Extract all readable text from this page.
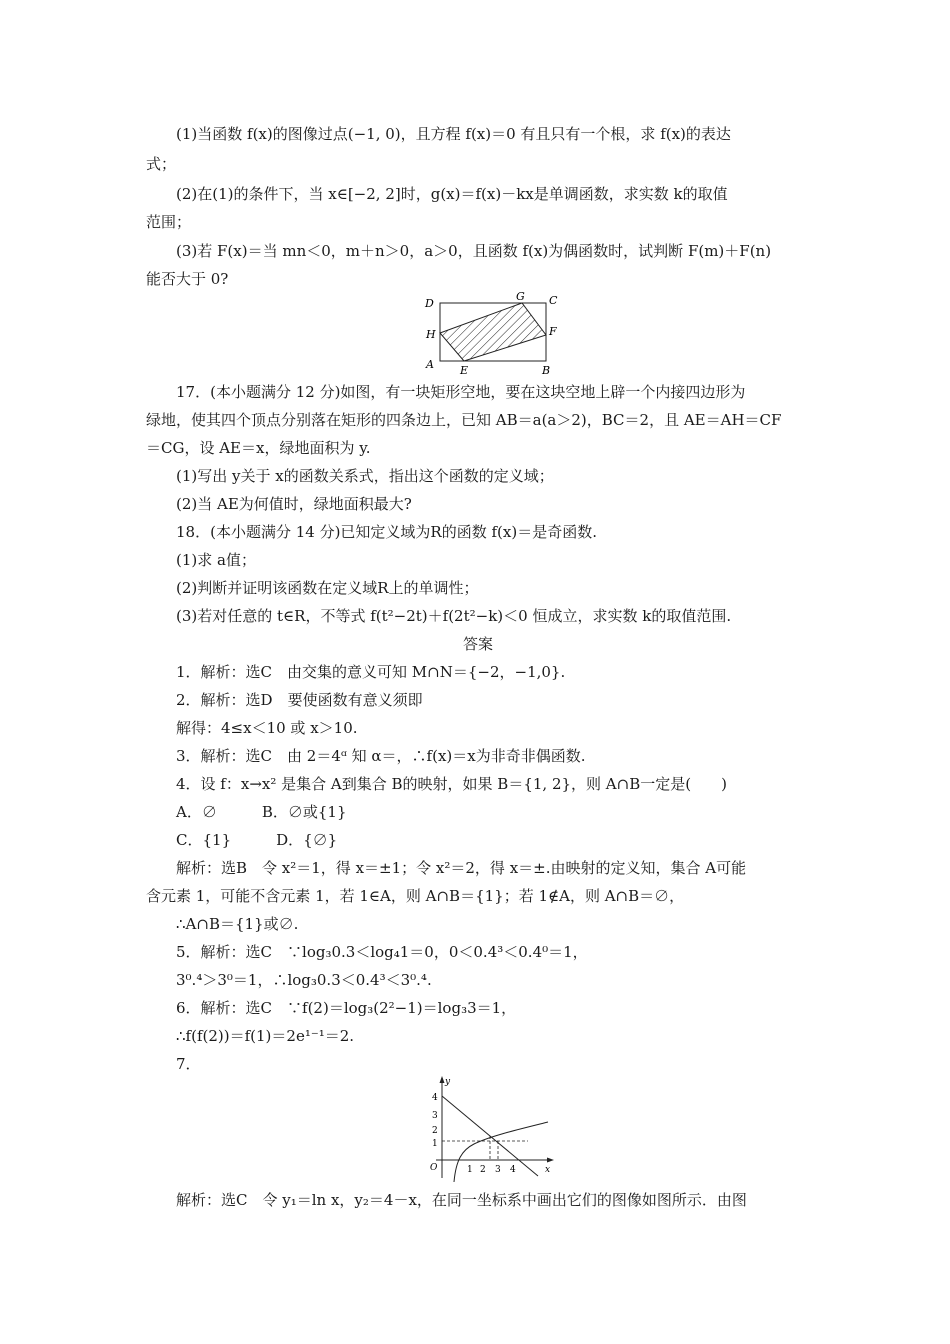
(1)当函数 f(x)的图像过点(−1, 0)，且方程 f(x)＝0 有且只有一个根，求 f(x)的表达
式；
(2)在(1)的条件下，当 x∈[−2, 2]时，g(x)＝f(x)－kx是单调函数，求实数 k的取值
范围；
(3)若 F(x)＝当 mn＜0，m＋n＞0，a＞0，且函数 f(x)为偶函数时，试判断 F(m)＋F(n)
能否大于 0?
D
G C
H	F
A E	B
17．(本小题满分 12 分)如图，有一块矩形空地，要在这块空地上辟一个内接四边形为
绿地，使其四个顶点分别落在矩形的四条边上，已知 AB＝a(a＞2)，BC＝2，且 AE＝AH＝CF
＝CG，设 AE＝x，绿地面积为 y.
(1)写出 y关于 x的函数关系式，指出这个函数的定义域；
(2)当 AE为何值时，绿地面积最大?
18．(本小题满分 14 分)已知定义域为R的函数 f(x)＝是奇函数.
(1)求 a值；
(2)判断并证明该函数在定义域R上的单调性；
(3)若对任意的 t∈R，不等式 f(t²−2t)＋f(2t²−k)＜0 恒成立，求实数 k的取值范围.
答案
1．解析：选C　由交集的意义可知 M∩N＝{−2，−1,0}.
2．解析：选D　要使函数有意义须即
解得：4≤x＜10 或 x＞10.
3．解析：选C　由 2＝4ᵅ 知 α＝，∴f(x)＝x为非奇非偶函数.
4．设 f：x→x² 是集合 A到集合 B的映射，如果 B＝{1, 2}，则 A∩B一定是(　　)
A．∅　　　B．∅或{1}
C．{1}　　　D．{∅}
解析：选B　令 x²＝1，得 x＝±1；令 x²＝2，得 x＝±.由映射的定义知，集合 A可能
含元素 1，可能不含元素 1，若 1∈A，则 A∩B＝{1}；若 1∉A，则 A∩B＝∅，
∴A∩B＝{1}或∅.
5．解析：选C　∵log₃0.3＜log₄1＝0，0＜0.4³＜0.4⁰＝1，
3⁰.⁴＞3⁰＝1，∴log₃0.3＜0.4³＜3⁰.⁴.
6．解析：选C　∵f(2)＝log₃(2²−1)＝log₃3＝1，
∴f(f(2))＝f(1)＝2e¹⁻¹＝2.
7．
y
x
O
4
3
2
1
1 2 3 4
解析：选C　令 y₁＝ln x，y₂＝4－x，在同一坐标系中画出它们的图像如图所示．由图
